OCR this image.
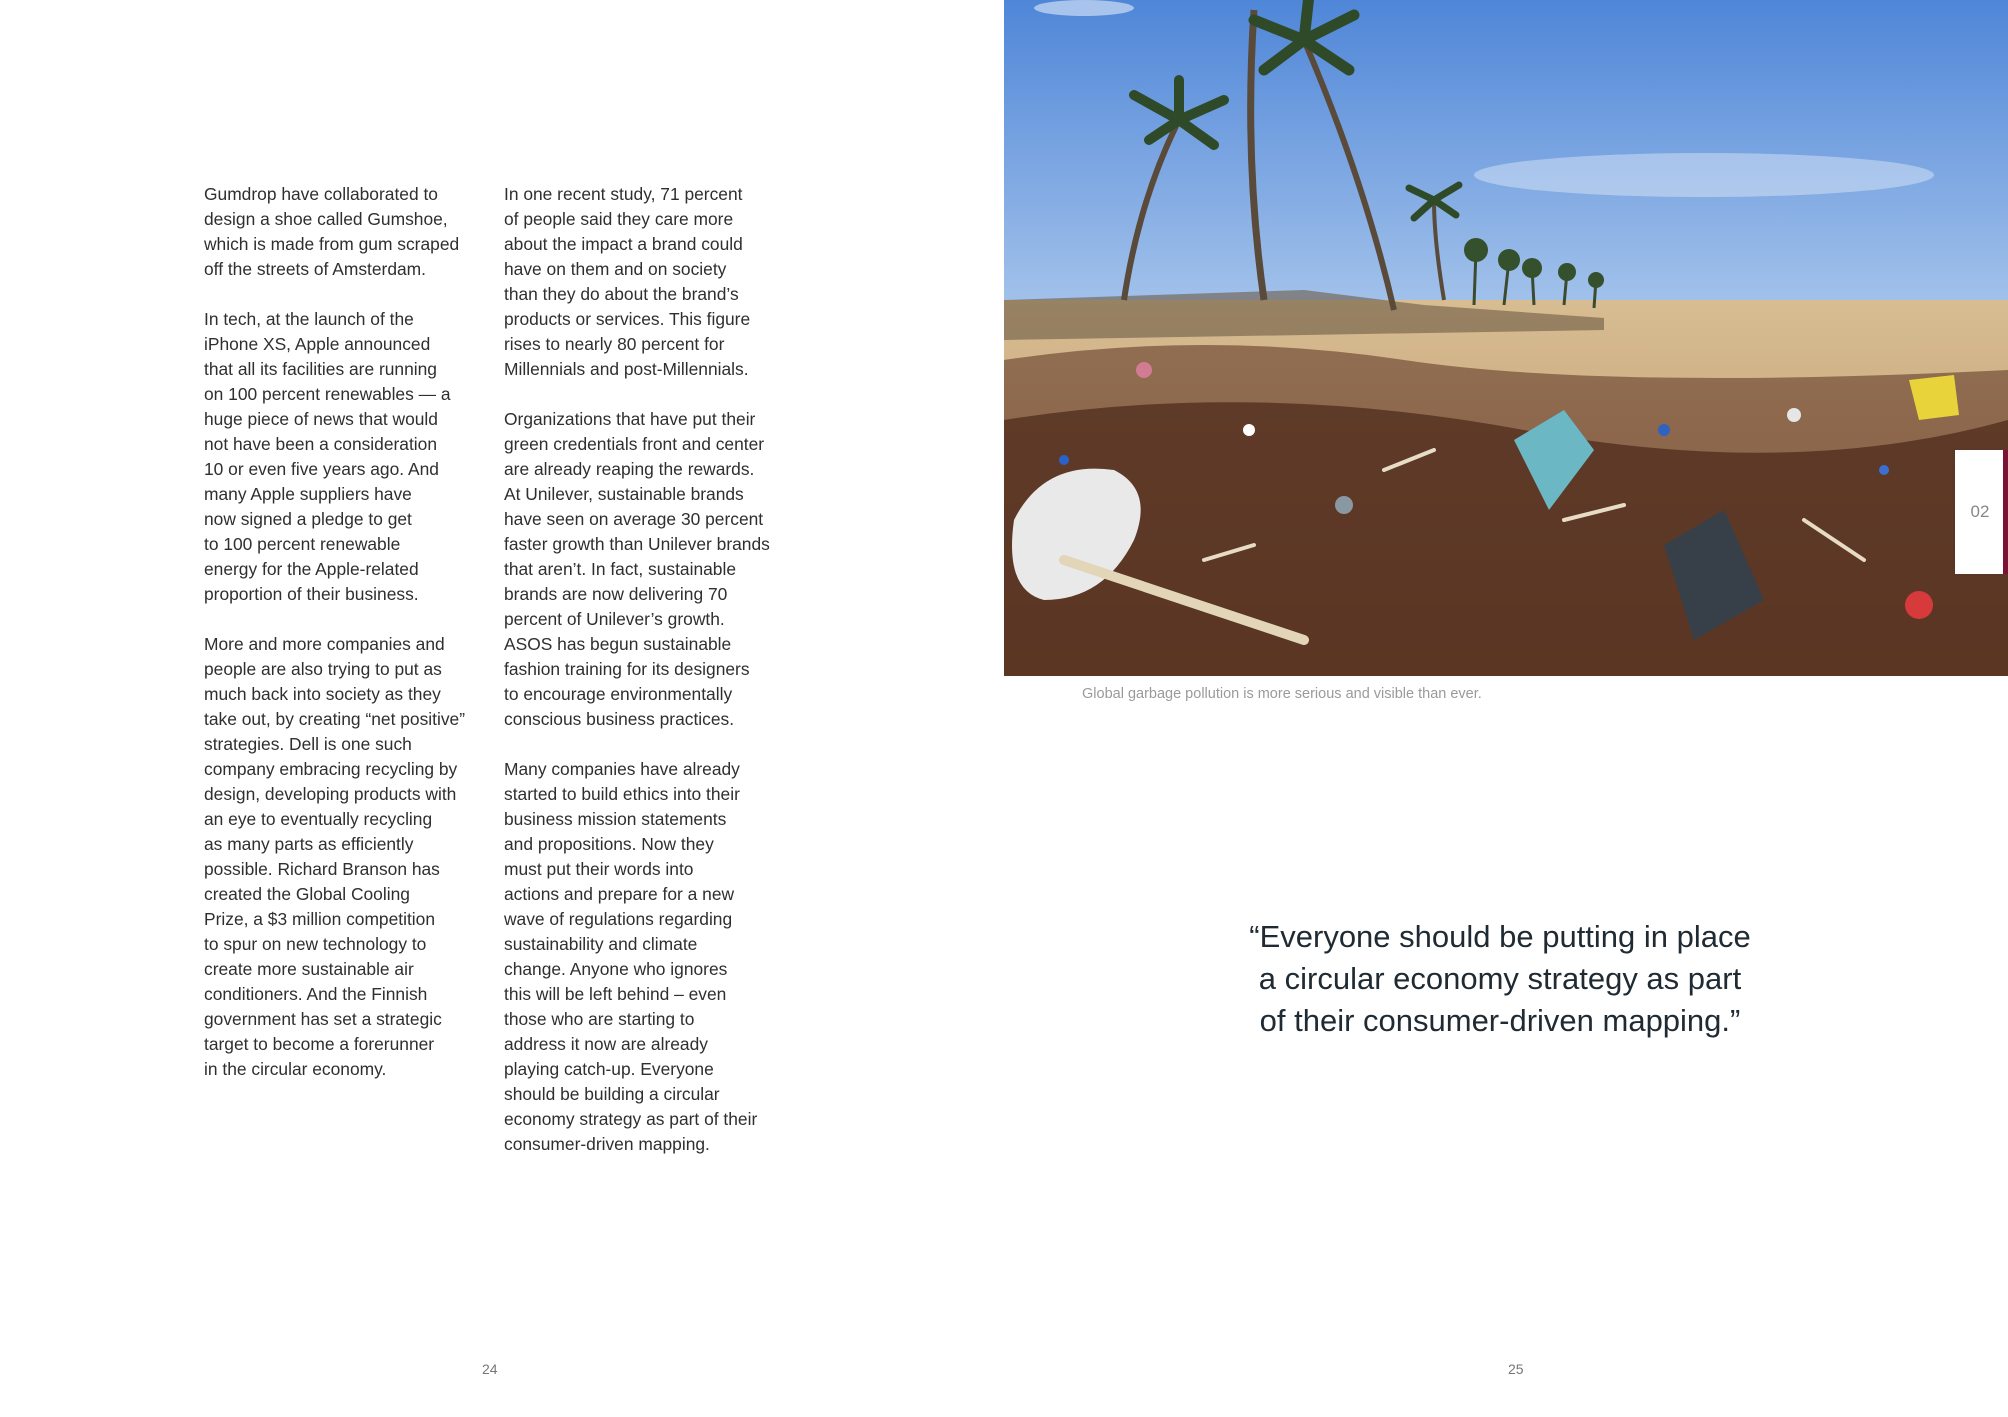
Gumdrop have collaborated to
design a shoe called Gumshoe,
which is made from gum scraped
off the streets of Amsterdam.

In tech, at the launch of the
iPhone XS, Apple announced
that all its facilities are running
on 100 percent renewables — a
huge piece of news that would
not have been a consideration
10 or even five years ago. And
many Apple suppliers have
now signed a pledge to get
to 100 percent renewable
energy for the Apple-related
proportion of their business.

More and more companies and
people are also trying to put as
much back into society as they
take out, by creating “net positive”
strategies. Dell is one such
company embracing recycling by
design, developing products with
an eye to eventually recycling
as many parts as efficiently
possible. Richard Branson has
created the Global Cooling
Prize, a $3 million competition
to spur on new technology to
create more sustainable air
conditioners. And the Finnish
government has set a strategic
target to become a forerunner
in the circular economy.

In one recent study, 71 percent
of people said they care more
about the impact a brand could
have on them and on society
than they do about the brand’s
products or services. This figure
rises to nearly 80 percent for
Millennials and post-Millennials.

Organizations that have put their
green credentials front and center
are already reaping the rewards.
At Unilever, sustainable brands
have seen on average 30 percent
faster growth than Unilever brands
that aren’t. In fact, sustainable
brands are now delivering 70
percent of Unilever’s growth.
ASOS has begun sustainable
fashion training for its designers
to encourage environmentally
conscious business practices.

Many companies have already
started to build ethics into their
business mission statements
and propositions. Now they
must put their words into
actions and prepare for a new
wave of regulations regarding
sustainability and climate
change. Anyone who ignores
this will be left behind – even
those who are starting to
address it now are already
playing catch-up. Everyone
should be building a circular
economy strategy as part of their
consumer-driven mapping.

24
Global garbage pollution is more serious and visible than ever.
02
“Everyone should be putting in place
a circular economy strategy as part
of their consumer-driven mapping.”
25
